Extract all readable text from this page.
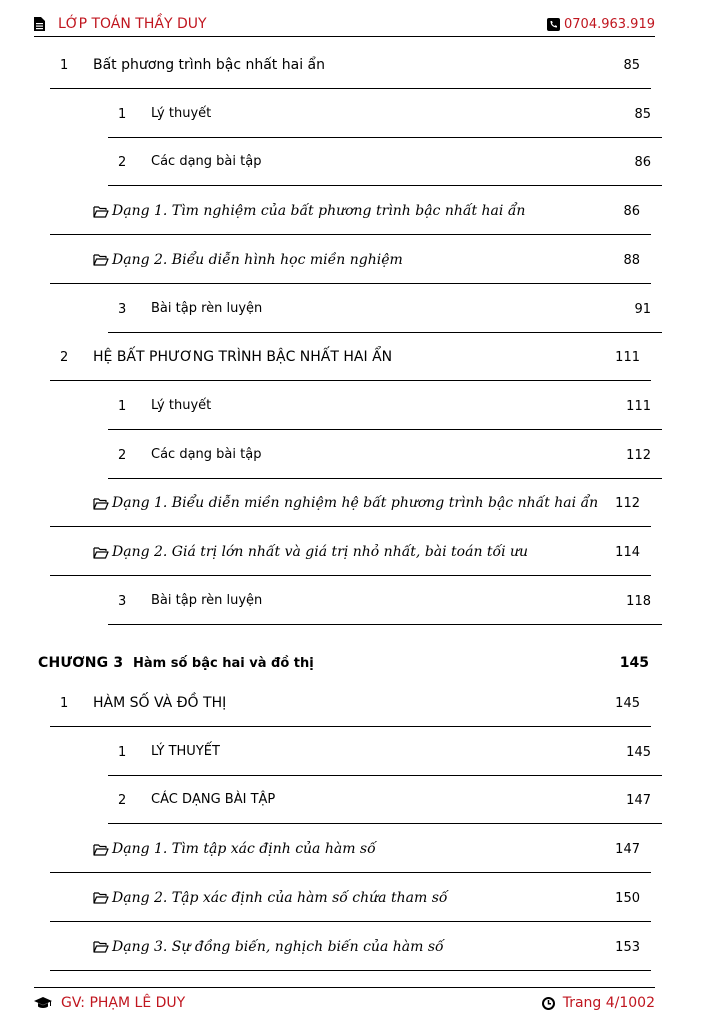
LỚP TOÁN THẦY DUY	0704.963.919
1 Bất phương trình bậc nhất hai ẩn	85
1 Lý thuyết	85
2 Các dạng bài tập	86
Dạng 1. Tìm nghiệm của bất phương trình bậc nhất hai ẩn	86
Dạng 2. Biểu diễn hình học miền nghiệm	88
3 Bài tập rèn luyện	91
2 HỆ BẤT PHƯƠNG TRÌNH BẬC NHẤT HAI ẨN	111
1 Lý thuyết	111
2 Các dạng bài tập	112
Dạng 1. Biểu diễn miền nghiệm hệ bất phương trình bậc nhất hai ẩn 112
Dạng 2. Giá trị lớn nhất và giá trị nhỏ nhất, bài toán tối ưu	114
3 Bài tập rèn luyện	118
1 HÀM SỐ VÀ ĐỒ THỊ	145
1 LÝ THUYẾT	145
2 CÁC DẠNG BÀI TẬP	147
Dạng 1. Tìm tập xác định của hàm số	147
Dạng 2. Tập xác định của hàm số chứa tham số	150
Dạng 3. Sự đồng biến, nghịch biến của hàm số	153
CHƯƠNG 3 Hàm số bậc hai và đồ thị	145
GV: PHẠM LÊ DUY	Trang 4/1002
